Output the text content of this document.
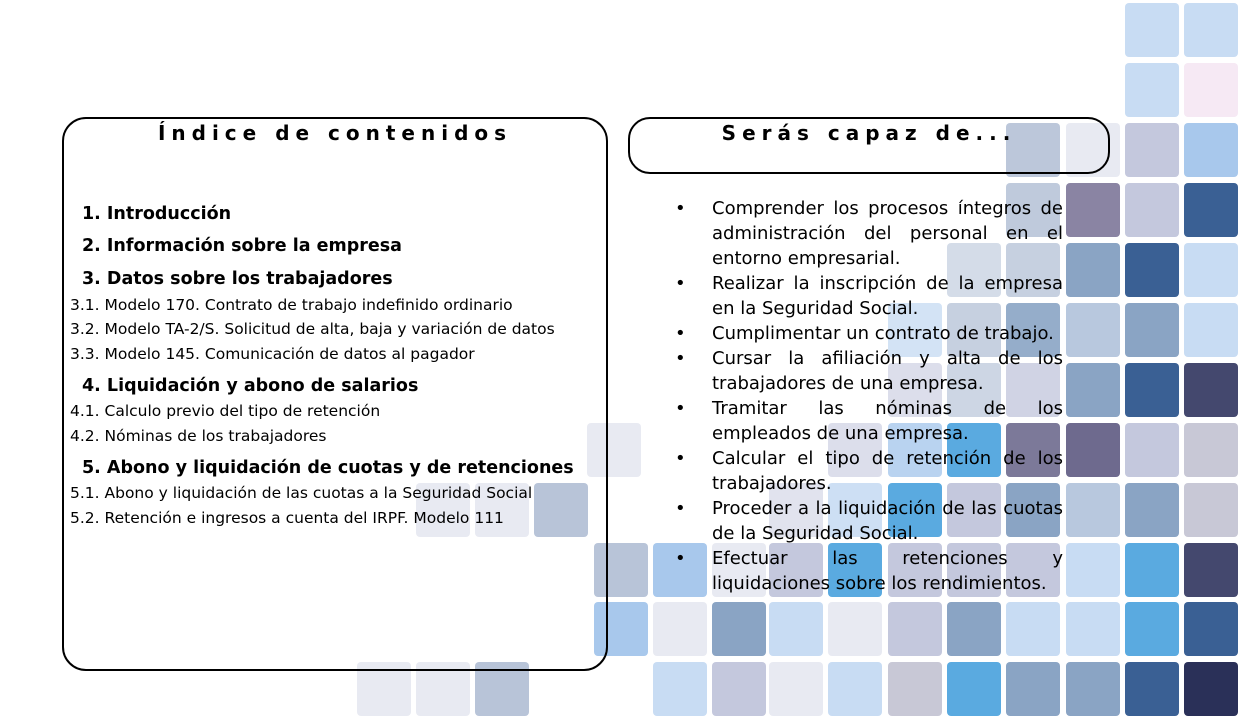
Índice de contenidos

1. Introducción

2. Información sobre la empresa

3. Datos sobre los trabajadores

3.1. Modelo 170. Contrato de trabajo indefinido ordinario

3.2. Modelo TA-2/S. Solicitud de alta, baja y variación de datos

3.3. Modelo 145. Comunicación de datos al pagador

4. Liquidación y abono de salarios

4.1. Calculo previo del tipo de retención

4.2. Nóminas de los trabajadores

5. Abono y liquidación de cuotas y de retenciones

5.1. Abono y liquidación de las cuotas a la Seguridad Social

5.2. Retención e ingresos a cuenta del IRPF. Modelo 111

Serás capaz de...
• Comprender los procesos íntegros de administración del personal en el entorno empresarial.
• Realizar la inscripción de la empresa en la Seguridad Social.
• Cumplimentar un contrato de trabajo.
• Cursar la afiliación y alta de los trabajadores de una empresa.
• Tramitar las nóminas de los empleados de una empresa.
• Calcular el tipo de retención de los trabajadores.
• Proceder a la liquidación de las cuotas de la Seguridad Social.
• Efectuar las retenciones y liquidaciones sobre los rendimientos.
